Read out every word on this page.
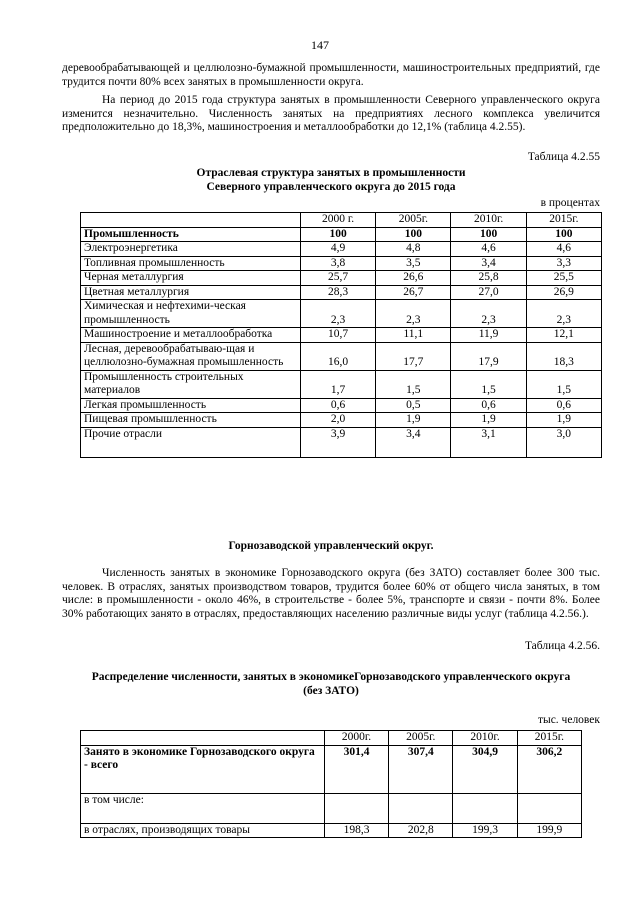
147

деревообрабатывающей и целлюлозно-бумажной промышленности, машиностроительных предприятий, где трудится почти 80% всех занятых в промышленности округа.

На период до 2015 года структура занятых в промышленности Северного управленческого округа изменится незначительно. Численность занятых на предприятиях лесного комплекса увеличится предположительно до 18,3%, машиностроения и металлообработки до 12,1% (таблица 4.2.55).

Таблица 4.2.55

Отраслевая структура занятых в промышленности

Северного управленческого округа до 2015 года

в процентах
	2000 г.	2005г.	2010г.	2015г.
Промышленность	100	100	100	100
Электроэнергетика	4,9	4,8	4,6	4,6
Топливная промышленность	3,8	3,5	3,4	3,3
Черная металлургия	25,7	26,6	25,8	25,5
Цветная металлургия	28,3	26,7	27,0	26,9
Химическая и нефтехими-ческая промышленность	2,3	2,3	2,3	2,3
Машиностроение и металлообработка	10,7	11,1	11,9	12,1
Лесная, деревообрабатываю-щая и целлюлозно-бумажная промышленность	16,0	17,7	17,9	18,3
Промышленность строительных материалов	1,7	1,5	1,5	1,5
Легкая промышленность	0,6	0,5	0,6	0,6
Пищевая промышленность	2,0	1,9	1,9	1,9
Прочие отрасли	3,9	3,4	3,1	3,0

Горнозаводской управленческий округ.

Численность занятых в экономике Горнозаводского округа (без ЗАТО) составляет более 300 тыс. человек. В отраслях, занятых производством товаров, трудится более 60% от общего числа занятых, в том числе: в промышленности - около 46%, в строительстве - более 5%, транспорте и связи - почти 8%. Более 30% работающих занято в отраслях, предоставляющих населению различные виды услуг (таблица 4.2.56.).

Таблица 4.2.56.

Распределение численности, занятых в экономикеГорнозаводского управленческого округа

(без ЗАТО)

тыс. человек
	2000г.	2005г.	2010г.	2015г.
Занято в экономике Горнозаводского округа - всего	301,4	307,4	304,9	306,2
в том числе:				
в отраслях, производящих товары	198,3	202,8	199,3	199,9
